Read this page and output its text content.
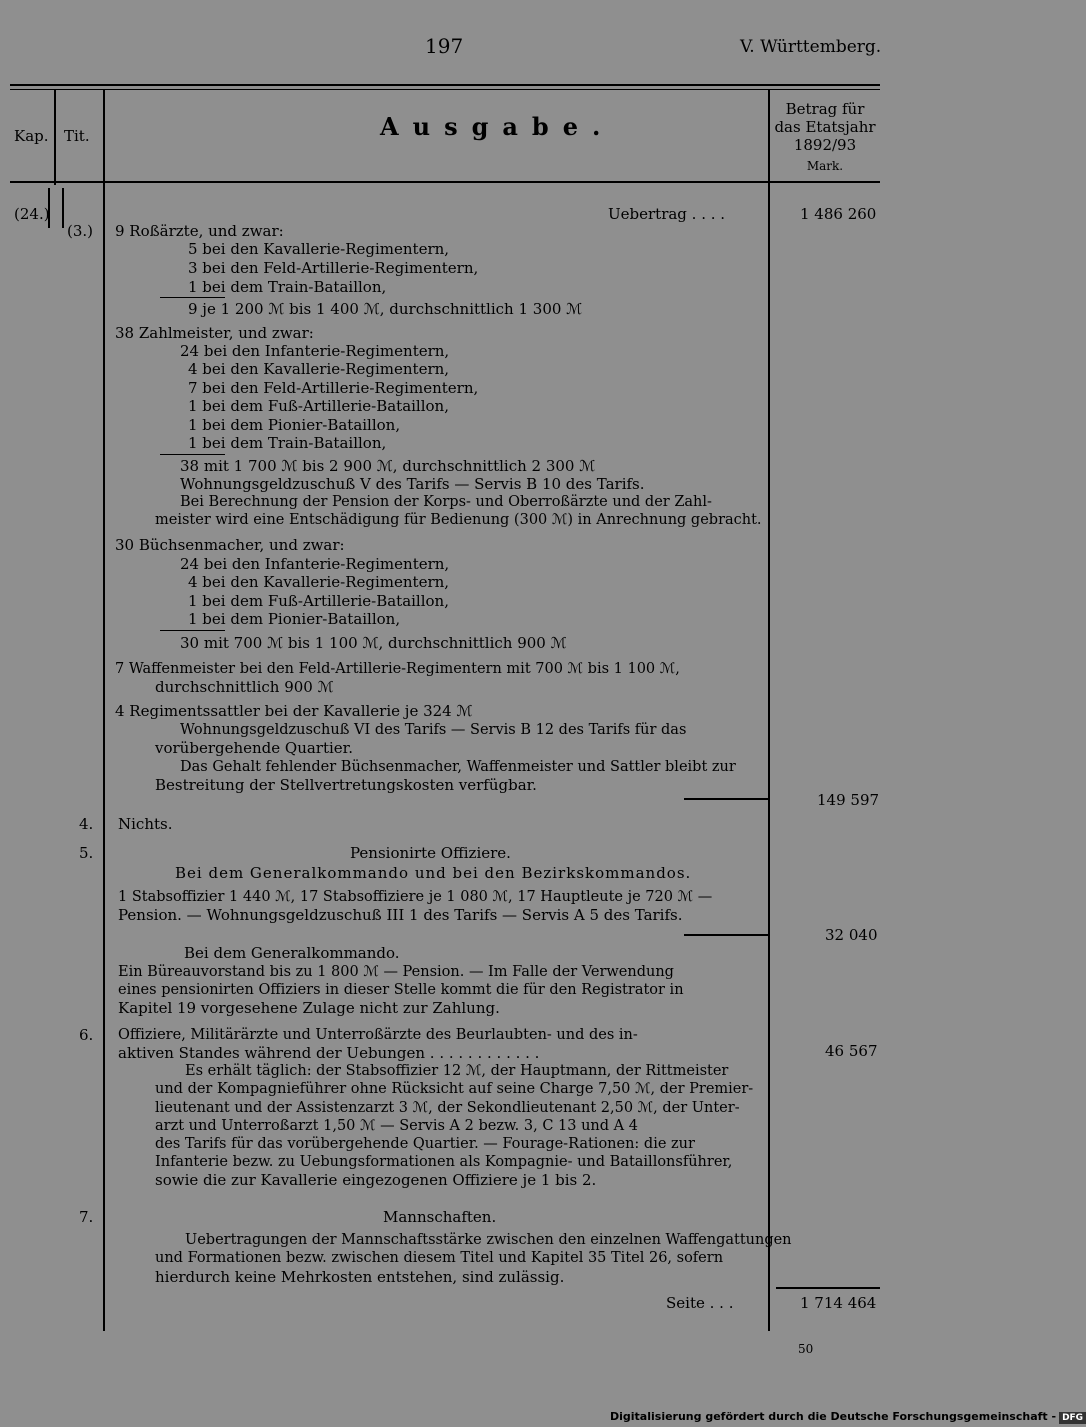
197	V. Württemberg.
Kap. Tit.	Ausgabe.
Betrag für
das Etatsjahr
1892/93
Mark.
(24.)
(3.)
Uebertrag . . . .	1 486 260
9 Roßärzte, und zwar:
5 bei den Kavallerie-Regimentern,
3 bei den Feld-Artillerie-Regimentern,
1 bei dem Train-Bataillon,
9 je 1 200 ℳ bis 1 400 ℳ, durchschnittlich 1 300 ℳ
38 Zahlmeister, und zwar:
24 bei den Infanterie-Regimentern,
4 bei den Kavallerie-Regimentern,
7 bei den Feld-Artillerie-Regimentern,
1 bei dem Fuß-Artillerie-Bataillon,
1 bei dem Pionier-Bataillon,
1 bei dem Train-Bataillon,
38 mit 1 700 ℳ bis 2 900 ℳ, durchschnittlich 2 300 ℳ
Wohnungsgeldzuschuß V des Tarifs — Servis B 10 des Tarifs.
Bei Berechnung der Pension der Korps- und Oberroßärzte und der Zahl-
meister wird eine Entschädigung für Bedienung (300 ℳ) in Anrechnung gebracht.
30 Büchsenmacher, und zwar:
24 bei den Infanterie-Regimentern,
4 bei den Kavallerie-Regimentern,
1 bei dem Fuß-Artillerie-Bataillon,
1 bei dem Pionier-Bataillon,
30 mit 700 ℳ bis 1 100 ℳ, durchschnittlich 900 ℳ
7 Waffenmeister bei den Feld-Artillerie-Regimentern mit 700 ℳ bis 1 100 ℳ,
durchschnittlich 900 ℳ
4 Regimentssattler bei der Kavallerie je 324 ℳ
Wohnungsgeldzuschuß VI des Tarifs — Servis B 12 des Tarifs für das
vorübergehende Quartier.
Das Gehalt fehlender Büchsenmacher, Waffenmeister und Sattler bleibt zur
Bestreitung der Stellvertretungskosten verfügbar.
149 597
4. Nichts.
5.	Pensionirte Offiziere.
Bei dem Generalkommando und bei den Bezirkskommandos.
1 Stabsoffizier 1 440 ℳ, 17 Stabsoffiziere je 1 080 ℳ, 17 Hauptleute je 720 ℳ —
Pension. — Wohnungsgeldzuschuß III 1 des Tarifs — Servis A 5 des Tarifs.
32 040
Bei dem Generalkommando.
Ein Büreauvorstand bis zu 1 800 ℳ — Pension. — Im Falle der Verwendung
eines pensionirten Offiziers in dieser Stelle kommt die für den Registrator in
Kapitel 19 vorgesehene Zulage nicht zur Zahlung.
6. Offiziere, Militärärzte und Unterroßärzte des Beurlaubten- und des in-
aktiven Standes während der Uebungen . . . . . . . . . . . .	46 567
Es erhält täglich: der Stabsoffizier 12 ℳ, der Hauptmann, der Rittmeister
und der Kompagnieführer ohne Rücksicht auf seine Charge 7,50 ℳ, der Premier-
lieutenant und der Assistenzarzt 3 ℳ, der Sekondlieutenant 2,50 ℳ, der Unter-
arzt und Unterroßarzt 1,50 ℳ — Servis A 2 bezw. 3, C 13 und A 4
des Tarifs für das vorübergehende Quartier. — Fourage-Rationen: die zur
Infanterie bezw. zu Uebungsformationen als Kompagnie- und Bataillonsführer,
sowie die zur Kavallerie eingezogenen Offiziere je 1 bis 2.
7.	Mannschaften.
Uebertragungen der Mannschaftsstärke zwischen den einzelnen Waffengattungen
und Formationen bezw. zwischen diesem Titel und Kapitel 35 Titel 26, sofern
hierdurch keine Mehrkosten entstehen, sind zulässig.
Seite . . .	1 714 464
50
Digitalisierung gefördert durch die Deutsche Forschungsgemeinschaft - DFG
